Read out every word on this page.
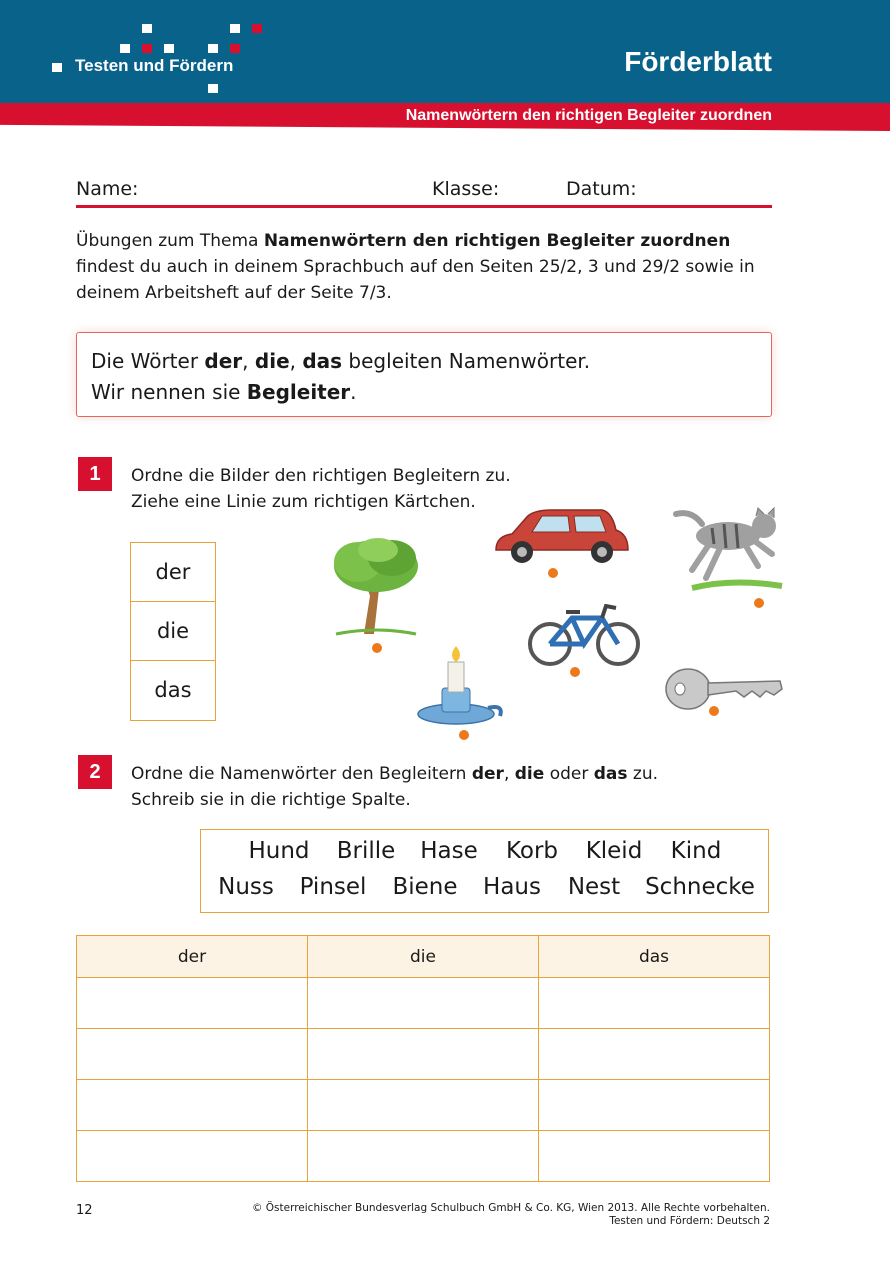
Testen und Fördern	Förderblatt
Namenwörtern den richtigen Begleiter zuordnen
Name:	Klasse:	Datum:
Übungen zum Thema Namenwörtern den richtigen Begleiter zuordnen findest du auch in deinem Sprachbuch auf den Seiten 25/2, 3 und 29/2 sowie in deinem Arbeitsheft auf der Seite 7/3.
Die Wörter der, die, das begleiten Namenwörter.
Wir nennen sie Begleiter.
1	Ordne die Bilder den richtigen Begleitern zu.
Ziehe eine Linie zum richtigen Kärtchen.
der
die
das
2	Ordne die Namenwörter den Begleitern der, die oder das zu.
Schreib sie in die richtige Spalte.
Hund Brille Hase Korb Kleid Kind
Nuss Pinsel Biene Haus Nest Schnecke
der	die	das

12	© Österreichischer Bundesverlag Schulbuch GmbH & Co. KG, Wien 2013. Alle Rechte vorbehalten.
Testen und Fördern: Deutsch 2
